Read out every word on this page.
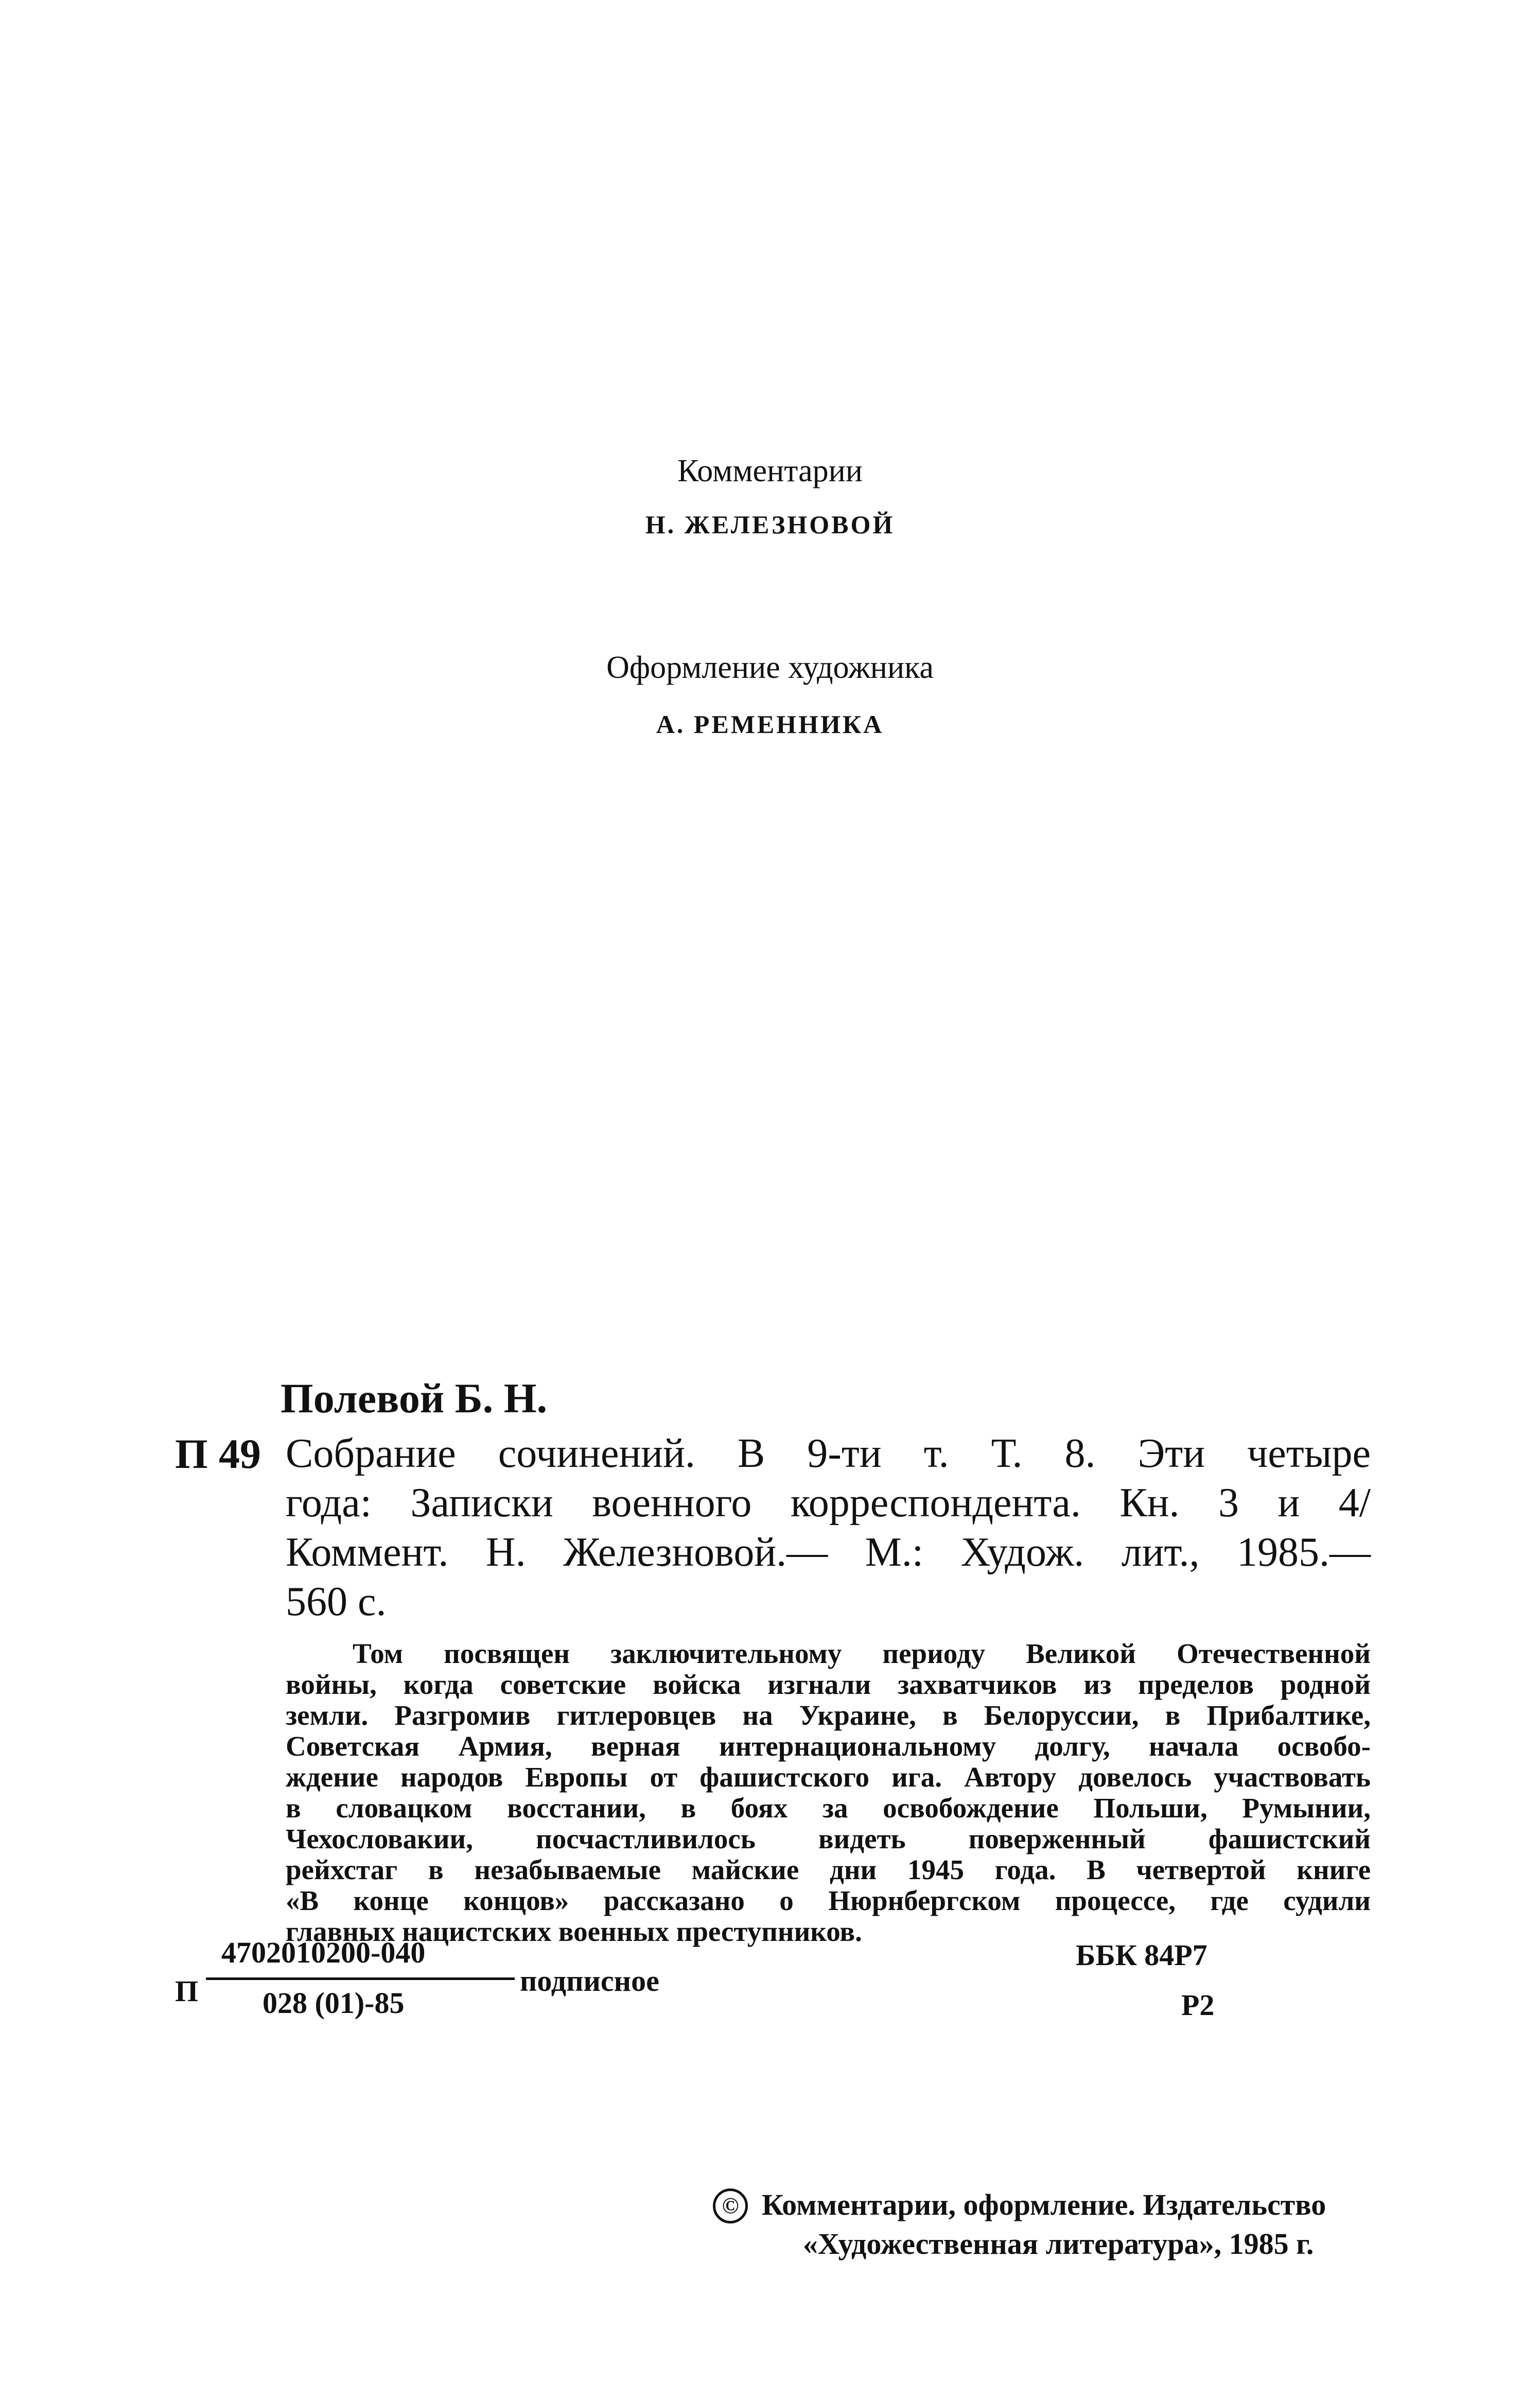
Комментарии
Н. ЖЕЛЕЗНОВОЙ
Оформление художника
А. РЕМЕННИКА
Полевой Б. Н.
П 49 Собрание сочинений. В 9-ти т. Т. 8. Эти четыре
года: Записки военного корреспондента. Кн. 3 и 4/
Коммент. Н. Железновой.— М.: Худож. лит., 1985.—
560 с.
Том посвящен заключительному периоду Великой Отечественной
войны, когда советские войска изгнали захватчиков из пределов родной
земли. Разгромив гитлеровцев на Украине, в Белоруссии, в Прибалтике,
Советская Армия, верная интернациональному долгу, начала освобо-
ждение народов Европы от фашистского ига. Автору довелось участвовать
в словацком восстании, в боях за освобождение Польши, Румынии,
Чехословакии, посчастливилось видеть поверженный фашистский
рейхстаг в незабываемые майские дни 1945 года. В четвертой книге
«В конце концов» рассказано о Нюрнбергском процессе, где судили
главных нацистских военных преступников.
П
4702010200-040
028 (01)-85
подписное
ББК 84Р7
Р2
© Комментарии, оформление. Издательство
«Художественная литература», 1985 г.
